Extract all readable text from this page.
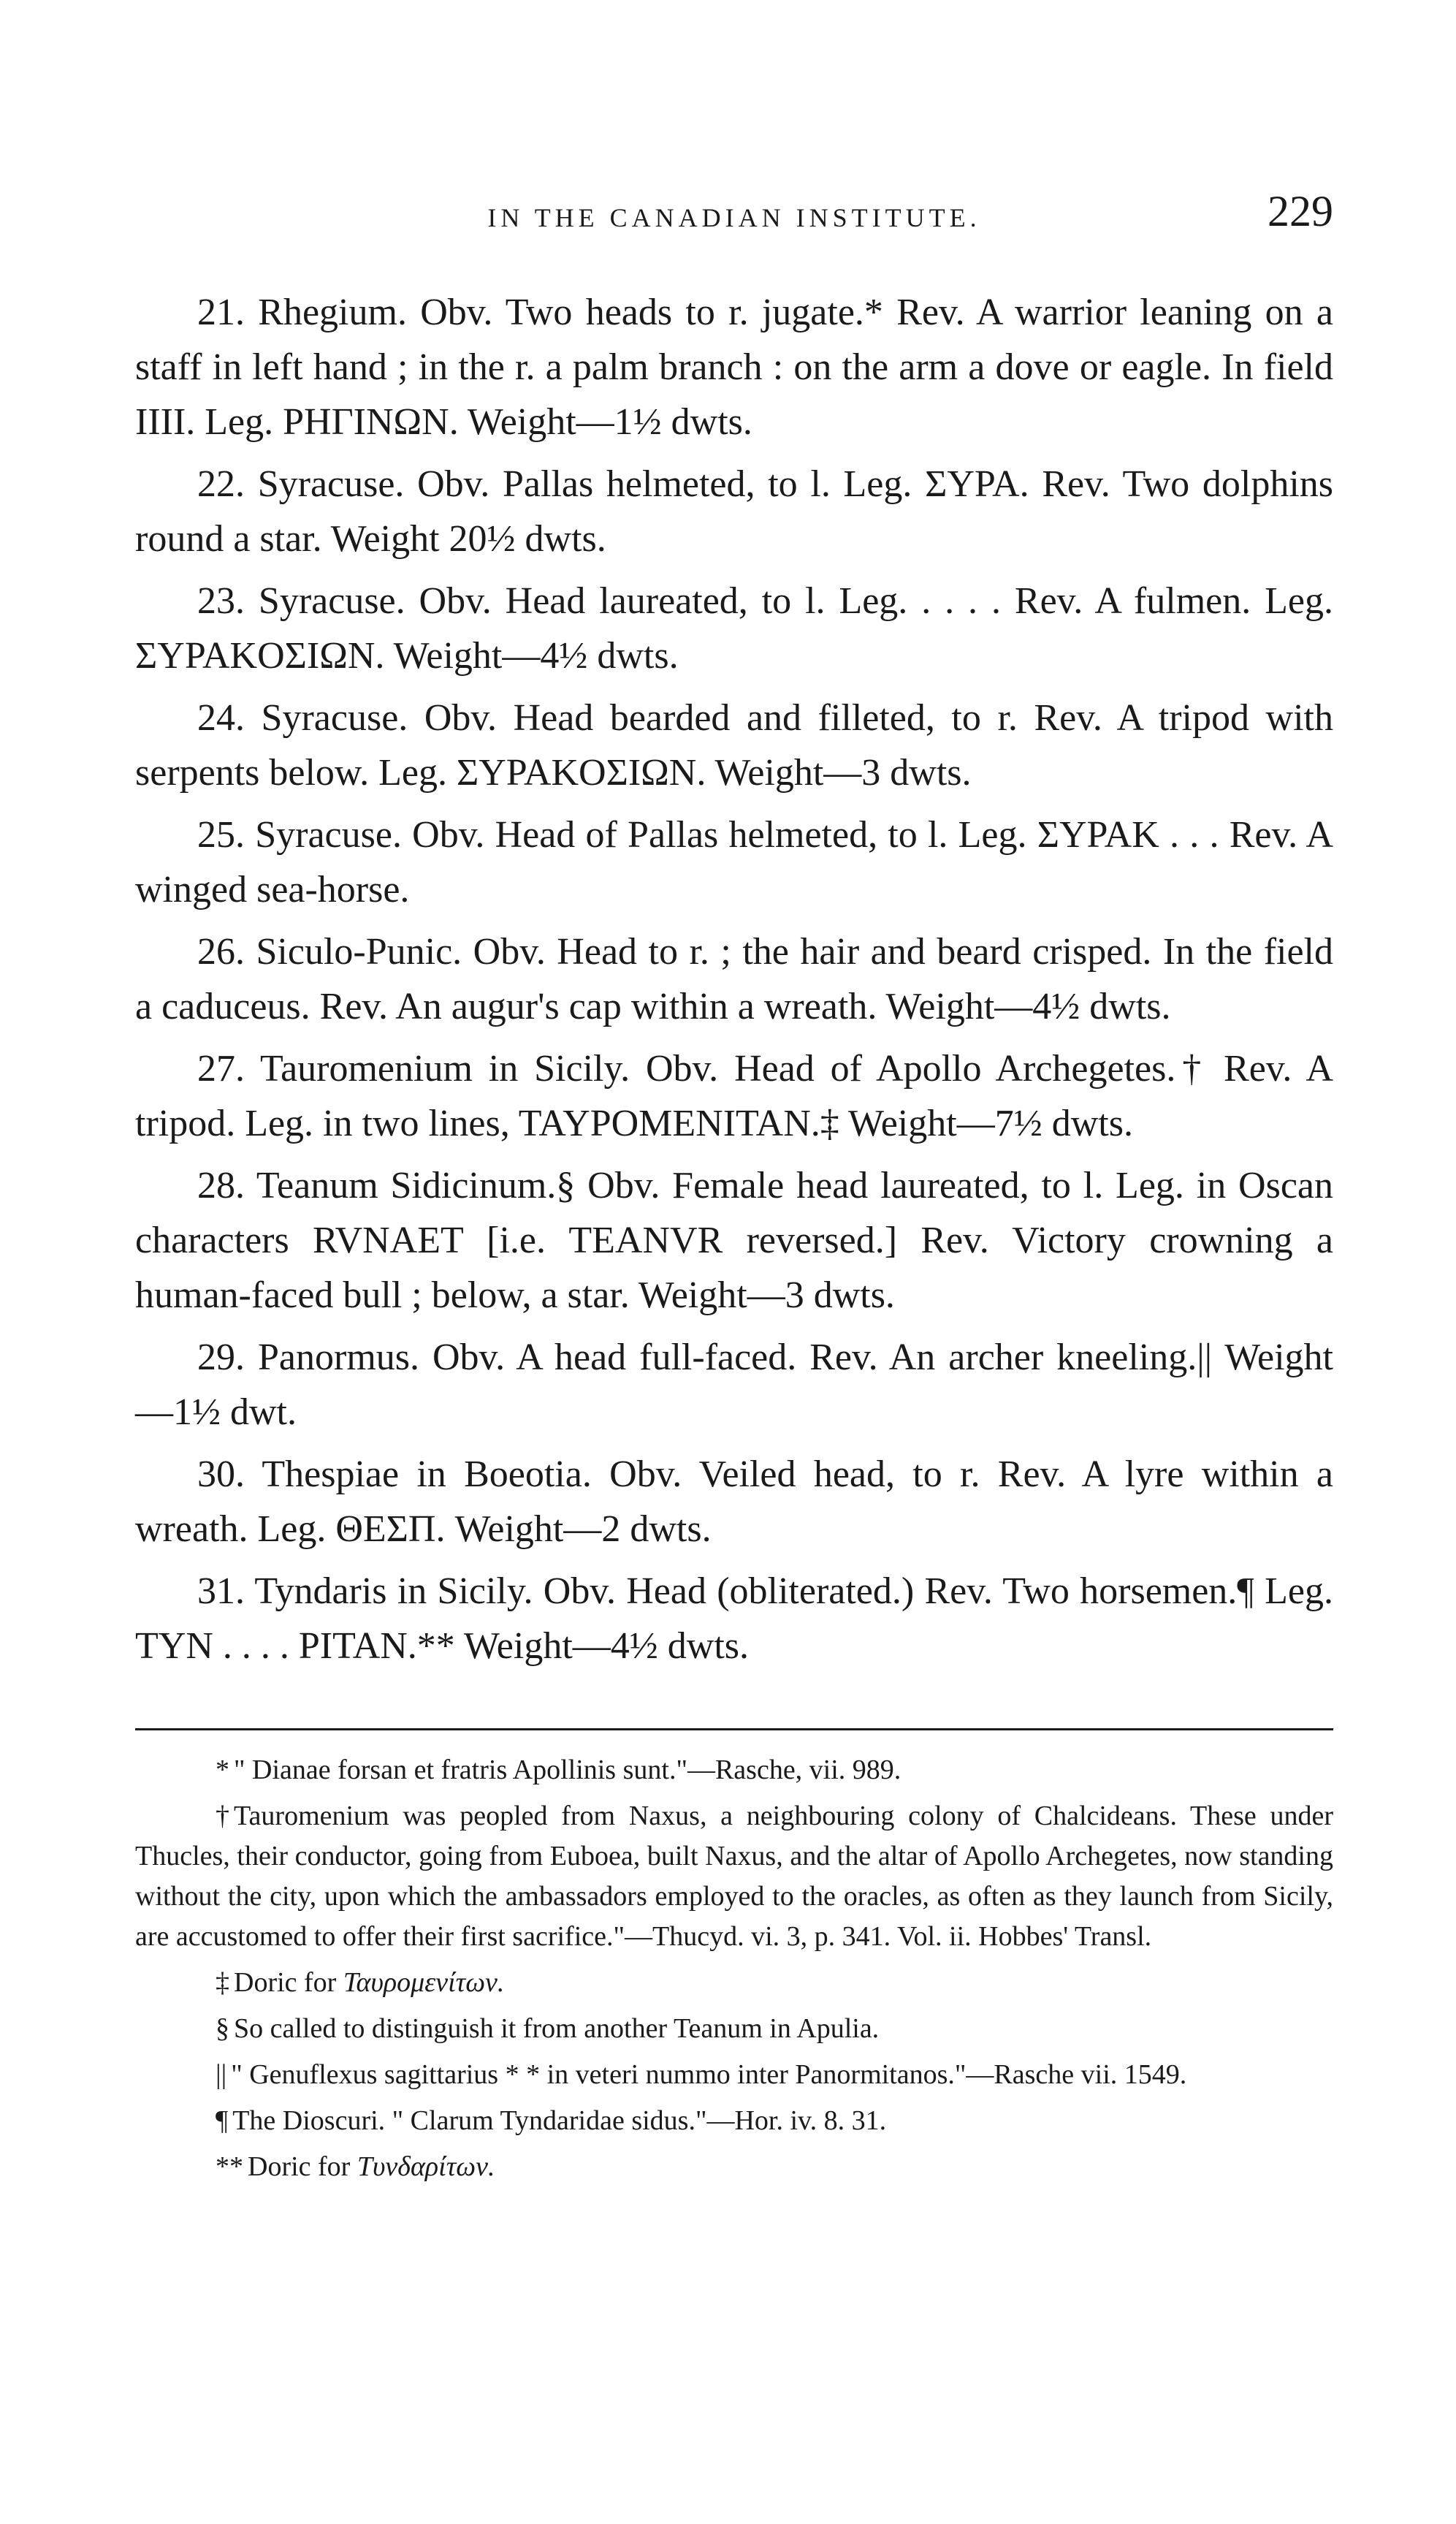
IN THE CANADIAN INSTITUTE.	229

21. Rhegium. Obv. Two heads to r. jugate.* Rev. A warrior leaning on a staff in left hand ; in the r. a palm branch : on the arm a dove or eagle. In field IIII. Leg. PHΓINΩN. Weight—1½ dwts.

22. Syracuse. Obv. Pallas helmeted, to l. Leg. ΣYPA. Rev. Two dolphins round a star. Weight 20½ dwts.

23. Syracuse. Obv. Head laureated, to l. Leg. . . . . Rev. A fulmen. Leg. ΣYPAKOΣIΩN. Weight—4½ dwts.

24. Syracuse. Obv. Head bearded and filleted, to r. Rev. A tripod with serpents below. Leg. ΣYPAKOΣIΩN. Weight—3 dwts.

25. Syracuse. Obv. Head of Pallas helmeted, to l. Leg. ΣYPAK . . . Rev. A winged sea-horse.

26. Siculo-Punic. Obv. Head to r. ; the hair and beard crisped. In the field a caduceus. Rev. An augur's cap within a wreath. Weight—4½ dwts.

27. Tauromenium in Sicily. Obv. Head of Apollo Archegetes.† Rev. A tripod. Leg. in two lines, TAYPOMENITAN.‡ Weight—7½ dwts.

28. Teanum Sidicinum.§ Obv. Female head laureated, to l. Leg. in Oscan characters RVNAET [i.e. TEANVR reversed.] Rev. Victory crowning a human-faced bull ; below, a star. Weight—3 dwts.

29. Panormus. Obv. A head full-faced. Rev. An archer kneeling.|| Weight—1½ dwt.

30. Thespiae in Boeotia. Obv. Veiled head, to r. Rev. A lyre within a wreath. Leg. ΘEΣΠ. Weight—2 dwts.

31. Tyndaris in Sicily. Obv. Head (obliterated.) Rev. Two horsemen.¶ Leg. TYN . . . . PITAN.** Weight—4½ dwts.

* " Dianae forsan et fratris Apollinis sunt."—Rasche, vii. 989.

† Tauromenium was peopled from Naxus, a neighbouring colony of Chalcideans. These under Thucles, their conductor, going from Euboea, built Naxus, and the altar of Apollo Archegetes, now standing without the city, upon which the ambassadors employed to the oracles, as often as they launch from Sicily, are accustomed to offer their first sacrifice."—Thucyd. vi. 3, p. 341. Vol. ii. Hobbes' Transl.

‡ Doric for Ταυρομενίτων.

§ So called to distinguish it from another Teanum in Apulia.

|| " Genuflexus sagittarius * * in veteri nummo inter Panormitanos."—Rasche vii. 1549.

¶ The Dioscuri. " Clarum Tyndaridae sidus."—Hor. iv. 8. 31.

** Doric for Τυνδαρίτων.
